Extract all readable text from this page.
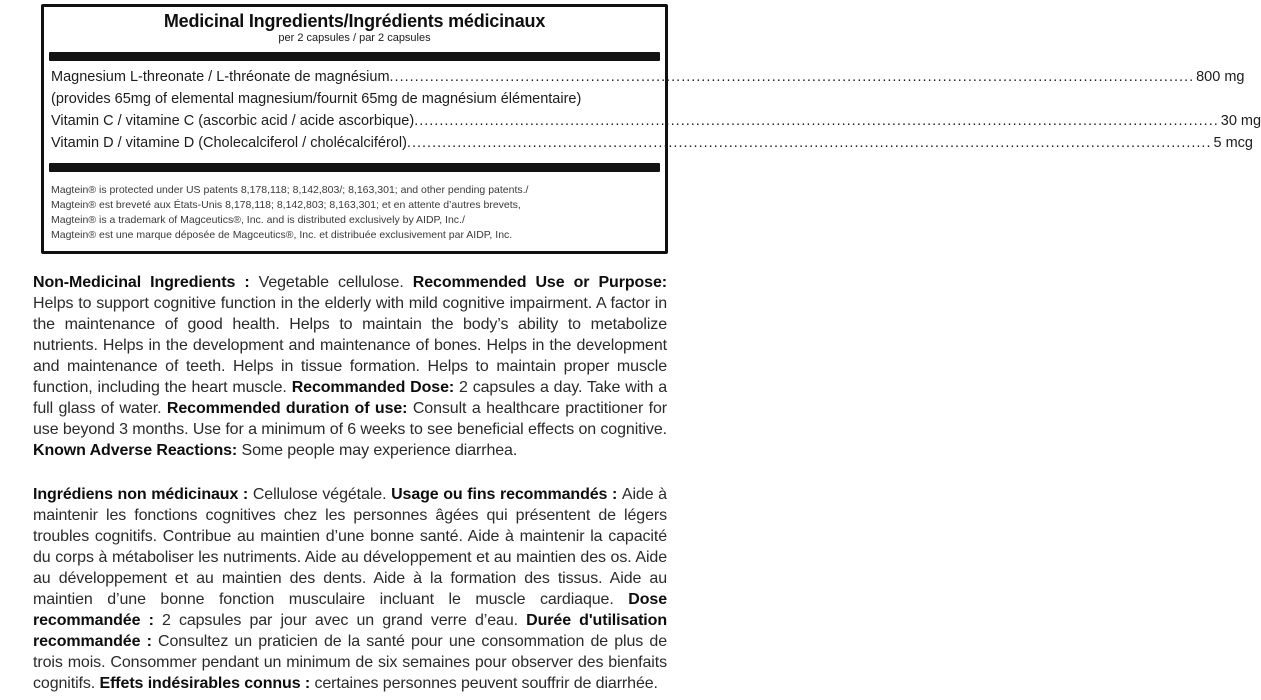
Medicinal Ingredients/Ingrédients médicinaux
per 2 capsules / par 2 capsules
Magnesium L-threonate / L-thréonate de magnésium ................................................................................................................................................................ 800 mg
(provides 65mg of elemental magnesium/fournit 65mg de magnésium élémentaire)
Vitamin C / vitamine C (ascorbic acid / acide ascorbique) ................................................................................................................................................................ 30 mg
Vitamin D / vitamine D (Cholecalciferol / cholécalciférol) ................................................................................................................................................................ 5 mcg
Magtein® is protected under US patents 8,178,118; 8,142,803/; 8,163,301; and other pending patents./
Magtein® est breveté aux États-Unis 8,178,118; 8,142,803; 8,163,301; et en attente d’autres brevets,
Magtein® is a trademark of Magceutics®, Inc. and is distributed exclusively by AIDP, Inc./
Magtein® est une marque déposée de Magceutics®, Inc. et distribuée exclusivement par AIDP, Inc.

Non-Medicinal Ingredients : Vegetable cellulose. Recommended Use or Purpose: Helps to support cognitive function in the elderly with mild cognitive impairment. A factor in the maintenance of good health. Helps to maintain the body’s ability to metabolize nutrients. Helps in the development and maintenance of bones. Helps in the development and maintenance of teeth. Helps in tissue formation. Helps to maintain proper muscle function, including the heart muscle. Recommanded Dose: 2 capsules a day. Take with a full glass of water. Recommended duration of use: Consult a healthcare practitioner for use beyond 3 months. Use for a minimum of 6 weeks to see beneficial effects on cognitive. Known Adverse Reactions: Some people may experience diarrhea.

Ingrédiens non médicinaux : Cellulose végétale. Usage ou fins recommandés : Aide à maintenir les fonctions cognitives chez les personnes âgées qui présentent de légers troubles cognitifs. Contribue au maintien d’une bonne santé. Aide à maintenir la capacité du corps à métaboliser les nutriments. Aide au développement et au maintien des os. Aide au développement et au maintien des dents. Aide à la formation des tissus. Aide au maintien d’une bonne fonction musculaire incluant le muscle cardiaque. Dose recommandée : 2 capsules par jour avec un grand verre d’eau. Durée d'utilisation recommandée : Consultez un praticien de la santé pour une consommation de plus de trois mois. Consommer pendant un minimum de six semaines pour observer des bienfaits cognitifs. Effets indésirables connus : certaines personnes peuvent souffrir de diarrhée.
